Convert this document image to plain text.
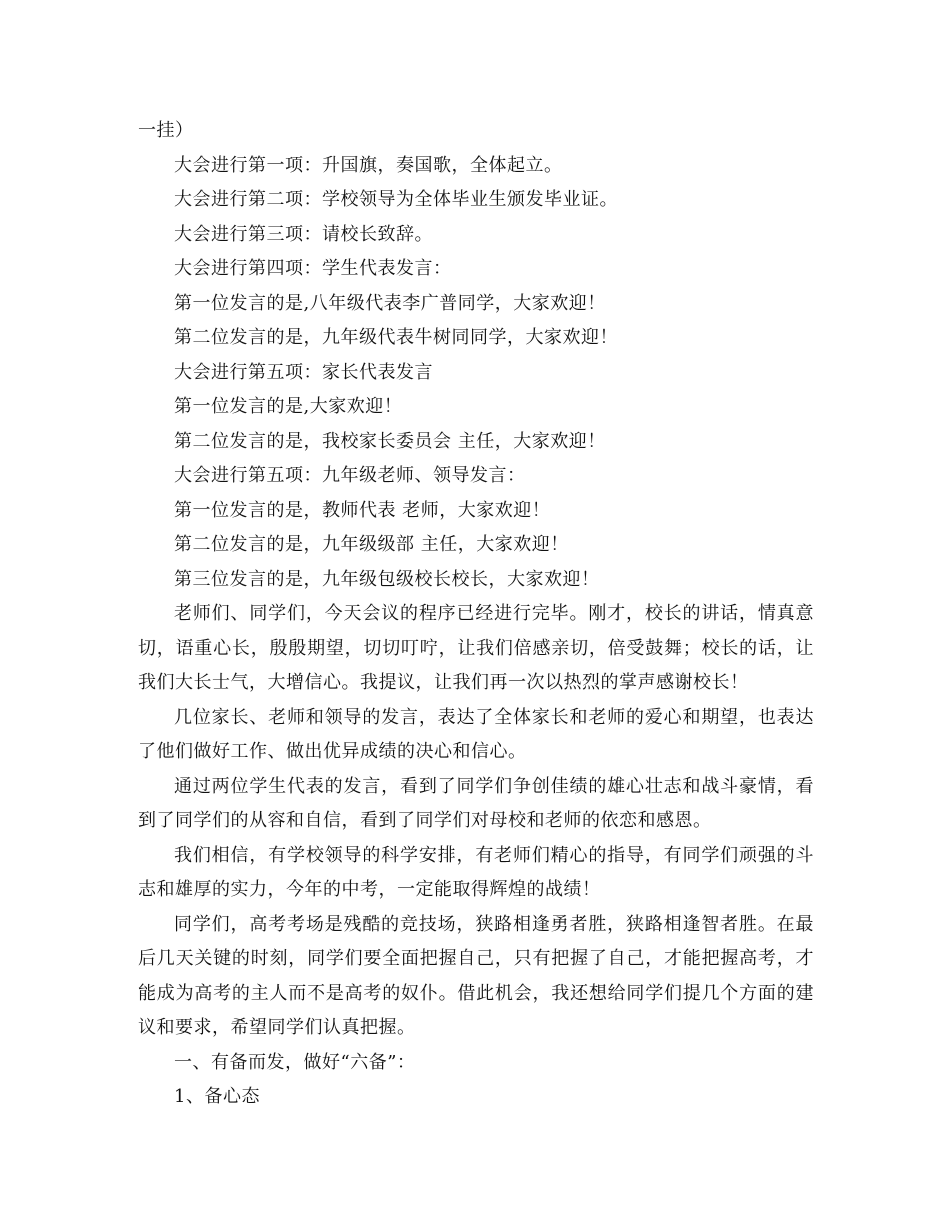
一挂）

大会进行第一项：升国旗，奏国歌，全体起立。

大会进行第二项：学校领导为全体毕业生颁发毕业证。

大会进行第三项：请校长致辞。

大会进行第四项：学生代表发言：

第一位发言的是,八年级代表李广普同学，大家欢迎！

第二位发言的是，九年级代表牛树同同学，大家欢迎！

大会进行第五项：家长代表发言

第一位发言的是,大家欢迎！

第二位发言的是，我校家长委员会 主任，大家欢迎！

大会进行第五项：九年级老师、领导发言：

第一位发言的是，教师代表 老师，大家欢迎！

第二位发言的是，九年级级部 主任，大家欢迎！

第三位发言的是，九年级包级校长校长，大家欢迎！

老师们、同学们，今天会议的程序已经进行完毕。刚才，校长的讲话，情真意切，语重心长，殷殷期望，切切叮咛，让我们倍感亲切，倍受鼓舞；校长的话，让我们大长士气，大增信心。我提议，让我们再一次以热烈的掌声感谢校长！

几位家长、老师和领导的发言，表达了全体家长和老师的爱心和期望，也表达了他们做好工作、做出优异成绩的决心和信心。

通过两位学生代表的发言，看到了同学们争创佳绩的雄心壮志和战斗豪情，看到了同学们的从容和自信，看到了同学们对母校和老师的依恋和感恩。

我们相信，有学校领导的科学安排，有老师们精心的指导，有同学们顽强的斗志和雄厚的实力，今年的中考，一定能取得辉煌的战绩！

同学们，高考考场是残酷的竞技场，狭路相逢勇者胜，狭路相逢智者胜。在最后几天关键的时刻，同学们要全面把握自己，只有把握了自己，才能把握高考，才能成为高考的主人而不是高考的奴仆。借此机会，我还想给同学们提几个方面的建议和要求，希望同学们认真把握。

一、有备而发，做好“六备”：

1、备心态
